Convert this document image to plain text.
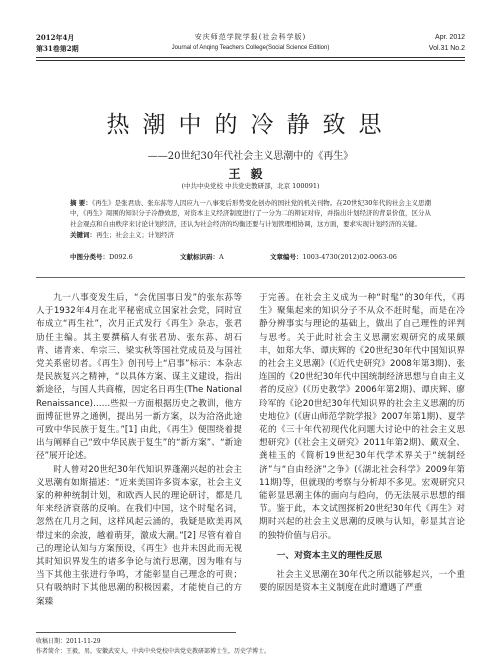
2012年4月
第31卷第2期
安庆师范学院学报(社会科学版)
Journal of Anqing Teachers College(Social Science Edition)
Apr. 2012
Vol.31 No.2
热潮中的冷静致思
——20世纪30年代社会主义思潮中的《再生》
王毅
(中共中央党校 中共党史教研部，北京 100091)
摘 要：《再生》是张君劢、张东荪等人因应九一八事变后形势变化创办的国社党的机关刊物。在20世纪30年代的社会主义思潮中，《再生》周围的知识分子冷静致思，对资本主义经济制度进行了一分为二的辩证对待，并指出计划经济的背景价值，区分从社会观点和自由秩序来讨论计划经济，还认为社会经济的均衡还要与计划管理相协调，这方面，要求实现计划经济的关键。
关键词：再生；社会主义；计划经济
中图分类号：D092.6	文献标识码：A	文章编号：1003-4730(2012)02-0063-06

九一八事变发生后，“会优国事日发”的张东荪等人于1932年4月在北平秘密成立国家社会党，同时宣布成立“再生社”，次月正式发行《再生》杂志，张君劢任主编。其主要撰稿人有张君劢、张东荪、胡石青、诸青来、牟宗三、梁实秋等国社党成员及与国社党关系密切者。《再生》创刊号上“启事”标示：本杂志是民族复兴之精神，“以具体方案、谋主义建设，指出新途径，与国人共商榷，因定名日再生(The National Renaissance)……些拟一方面根据历史之教训，他方面博征世界之通例，提出另一新方案，以为洽洛此途可致中华民族于复生。”[1] 由此，《再生》便围绕着提出与阐释自己“致中华民族于复生”的“新方案”、“新途径”展开论述。

时人曾对20世纪30年代知识界蓬潮兴起的社会主义思潮有如斯描述：“近来美国许多资本家，社会主义家的种种统制计划，和欧西人民的理论研讨，都是几年来经济衰落的反响。在我们中国，这个时髦名词，忽然在几月之间，这样风起云涌的，我疑是欧美再风带过来的余波，越着萌芽，激成大潮。”[2] 尽管有着自己的理论认知与方案预设，《再生》也并未因此而无视其时知识界发生的诸多争论与流行思潮，因为唯有与当下其他主张进行争鸣，才能彰显自己理念的可贵；只有吸纳时下其他思潮的积极因素，才能使自己的方案臻

于完善。在社会主义成为一种“时髦”的30年代，《再生》聚集起来的知识分子不从众不赶时髦，而是在冷静分辨事实与理论的基础上，做出了自己理性的评判与思考。关于此时社会主义思潮宏观研究的成果颇丰，如郑大华、谭庆辉的《20世纪30年代中国知识界的社会主义思潮》(《近代史研究》2008年第3期)、张连国的《20世纪30年代中国统制经济思想与自由主义者的反应》(《历史教学》2006年第2期)、谭庆辉、廖玲军的《论20世纪30年代知识界的社会主义思潮的历史地位》(《唐山师范学院学报》2007年第1期)、夏学花的《三十年代初现代化问题大讨论中的社会主义思想研究》(《社会主义研究》2011年第2期)、戴双全、龚桂玉的《简析19世纪30年代学术界关于“统制经济”与“自由经济”之争》(《湖北社会科学》2009年第11期)等，但就现的考察与分析却不多见。宏观研究只能彰显思潮主体的面向与趋向，仍无法展示思想的细节。鉴于此，本文试图探析20世纪30年代《再生》对期时兴起的社会主义思潮的反映与认知，彰显其言论的独特价值与启示。

一、对资本主义的理性反思

社会主义思潮在30年代之所以能够起兴，一个重要的原因是资本主义制度在此时遭遇了严重

收稿日期：2011-11-29
作者简介：王毅，男，安徽武安人，中共中央党校中共党史教研部博士生，历史学博士。
